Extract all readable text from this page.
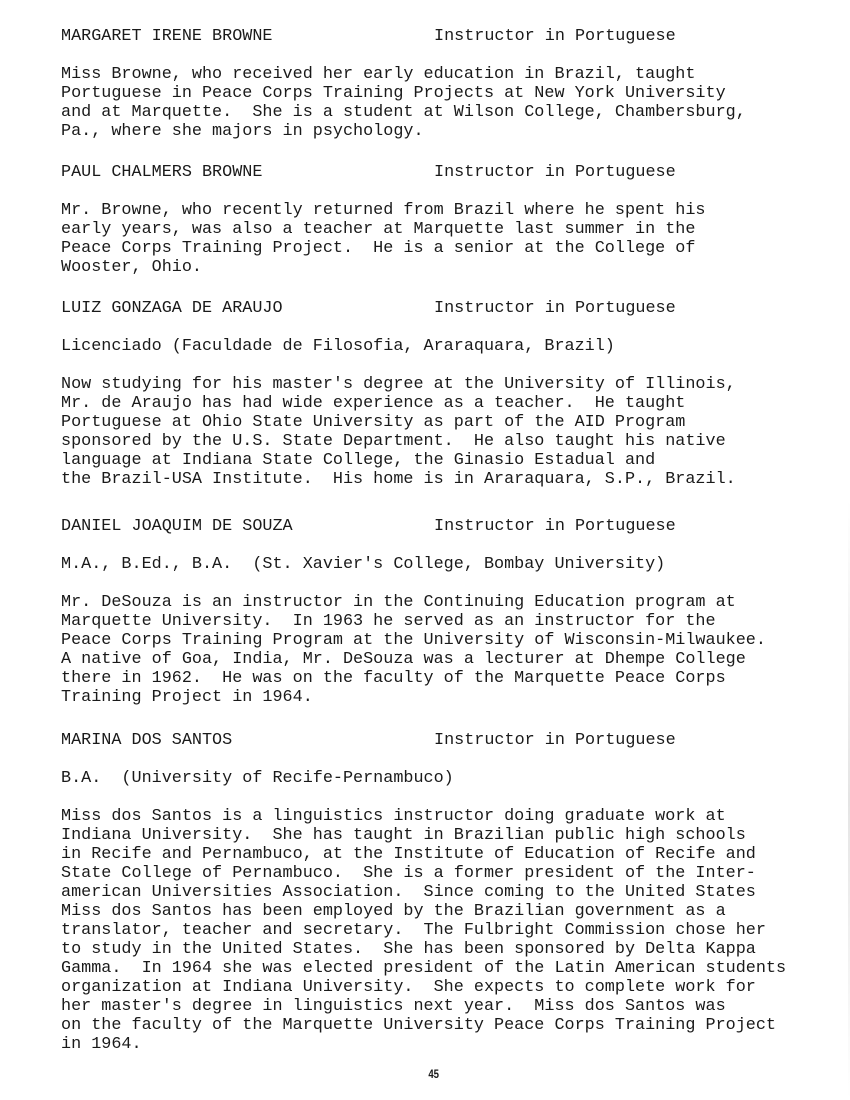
MARGARET IRENE BROWNE	Instructor in Portuguese
Miss Browne, who received her early education in Brazil, taught
Portuguese in Peace Corps Training Projects at New York University
and at Marquette.  She is a student at Wilson College, Chambersburg,
Pa., where she majors in psychology.
PAUL CHALMERS BROWNE	Instructor in Portuguese
Mr. Browne, who recently returned from Brazil where he spent his
early years, was also a teacher at Marquette last summer in the
Peace Corps Training Project.  He is a senior at the College of
Wooster, Ohio.
LUIZ GONZAGA DE ARAUJO	Instructor in Portuguese
Licenciado (Faculdade de Filosofia, Araraquara, Brazil)
Now studying for his master's degree at the University of Illinois,
Mr. de Araujo has had wide experience as a teacher.  He taught
Portuguese at Ohio State University as part of the AID Program
sponsored by the U.S. State Department.  He also taught his native
language at Indiana State College, the Ginasio Estadual and
the Brazil-USA Institute.  His home is in Araraquara, S.P., Brazil.
DANIEL JOAQUIM DE SOUZA	Instructor in Portuguese
M.A., B.Ed., B.A.  (St. Xavier's College, Bombay University)
Mr. DeSouza is an instructor in the Continuing Education program at
Marquette University.  In 1963 he served as an instructor for the
Peace Corps Training Program at the University of Wisconsin-Milwaukee.
A native of Goa, India, Mr. DeSouza was a lecturer at Dhempe College
there in 1962.  He was on the faculty of the Marquette Peace Corps
Training Project in 1964.
MARINA DOS SANTOS	Instructor in Portuguese
B.A.  (University of Recife-Pernambuco)
Miss dos Santos is a linguistics instructor doing graduate work at
Indiana University.  She has taught in Brazilian public high schools
in Recife and Pernambuco, at the Institute of Education of Recife and
State College of Pernambuco.  She is a former president of the Inter-
american Universities Association.  Since coming to the United States
Miss dos Santos has been employed by the Brazilian government as a
translator, teacher and secretary.  The Fulbright Commission chose her
to study in the United States.  She has been sponsored by Delta Kappa
Gamma.  In 1964 she was elected president of the Latin American students
organization at Indiana University.  She expects to complete work for
her master's degree in linguistics next year.  Miss dos Santos was
on the faculty of the Marquette University Peace Corps Training Project
in 1964.
45
